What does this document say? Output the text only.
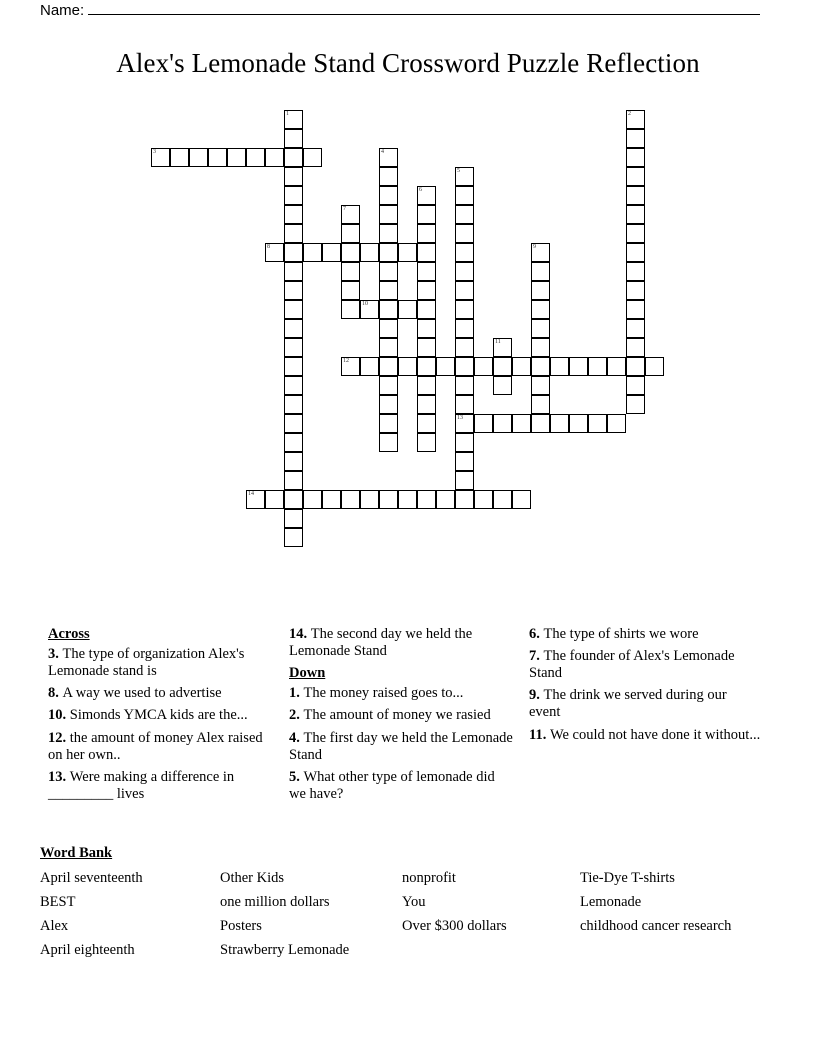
Name:
Alex's Lemonade Stand Crossword Puzzle Reflection
1	2
3	4
5
13
6
7
8	9
10
11
12
14
Across
3. The type of organization Alex's Lemonade stand is
8. A way we used to advertise
10. Simonds YMCA kids are the...
12. the amount of money Alex raised on her own..
13. Were making a difference in _________ lives
14. The second day we held the Lemonade Stand
Down
1. The money raised goes to...
2. The amount of money we rasied
4. The first day we held the Lemonade Stand
5. What other type of lemonade did we have?
6. The type of shirts we wore
7. The founder of Alex's Lemonade Stand
9. The drink we served during our event
11. We could not have done it without...
Word Bank
April seventeenth	Other Kids	nonprofit	Tie-Dye T-shirts
BEST	one million dollars	You	Lemonade
Alex	Posters	Over $300 dollars	childhood cancer research
April eighteenth	Strawberry Lemonade
